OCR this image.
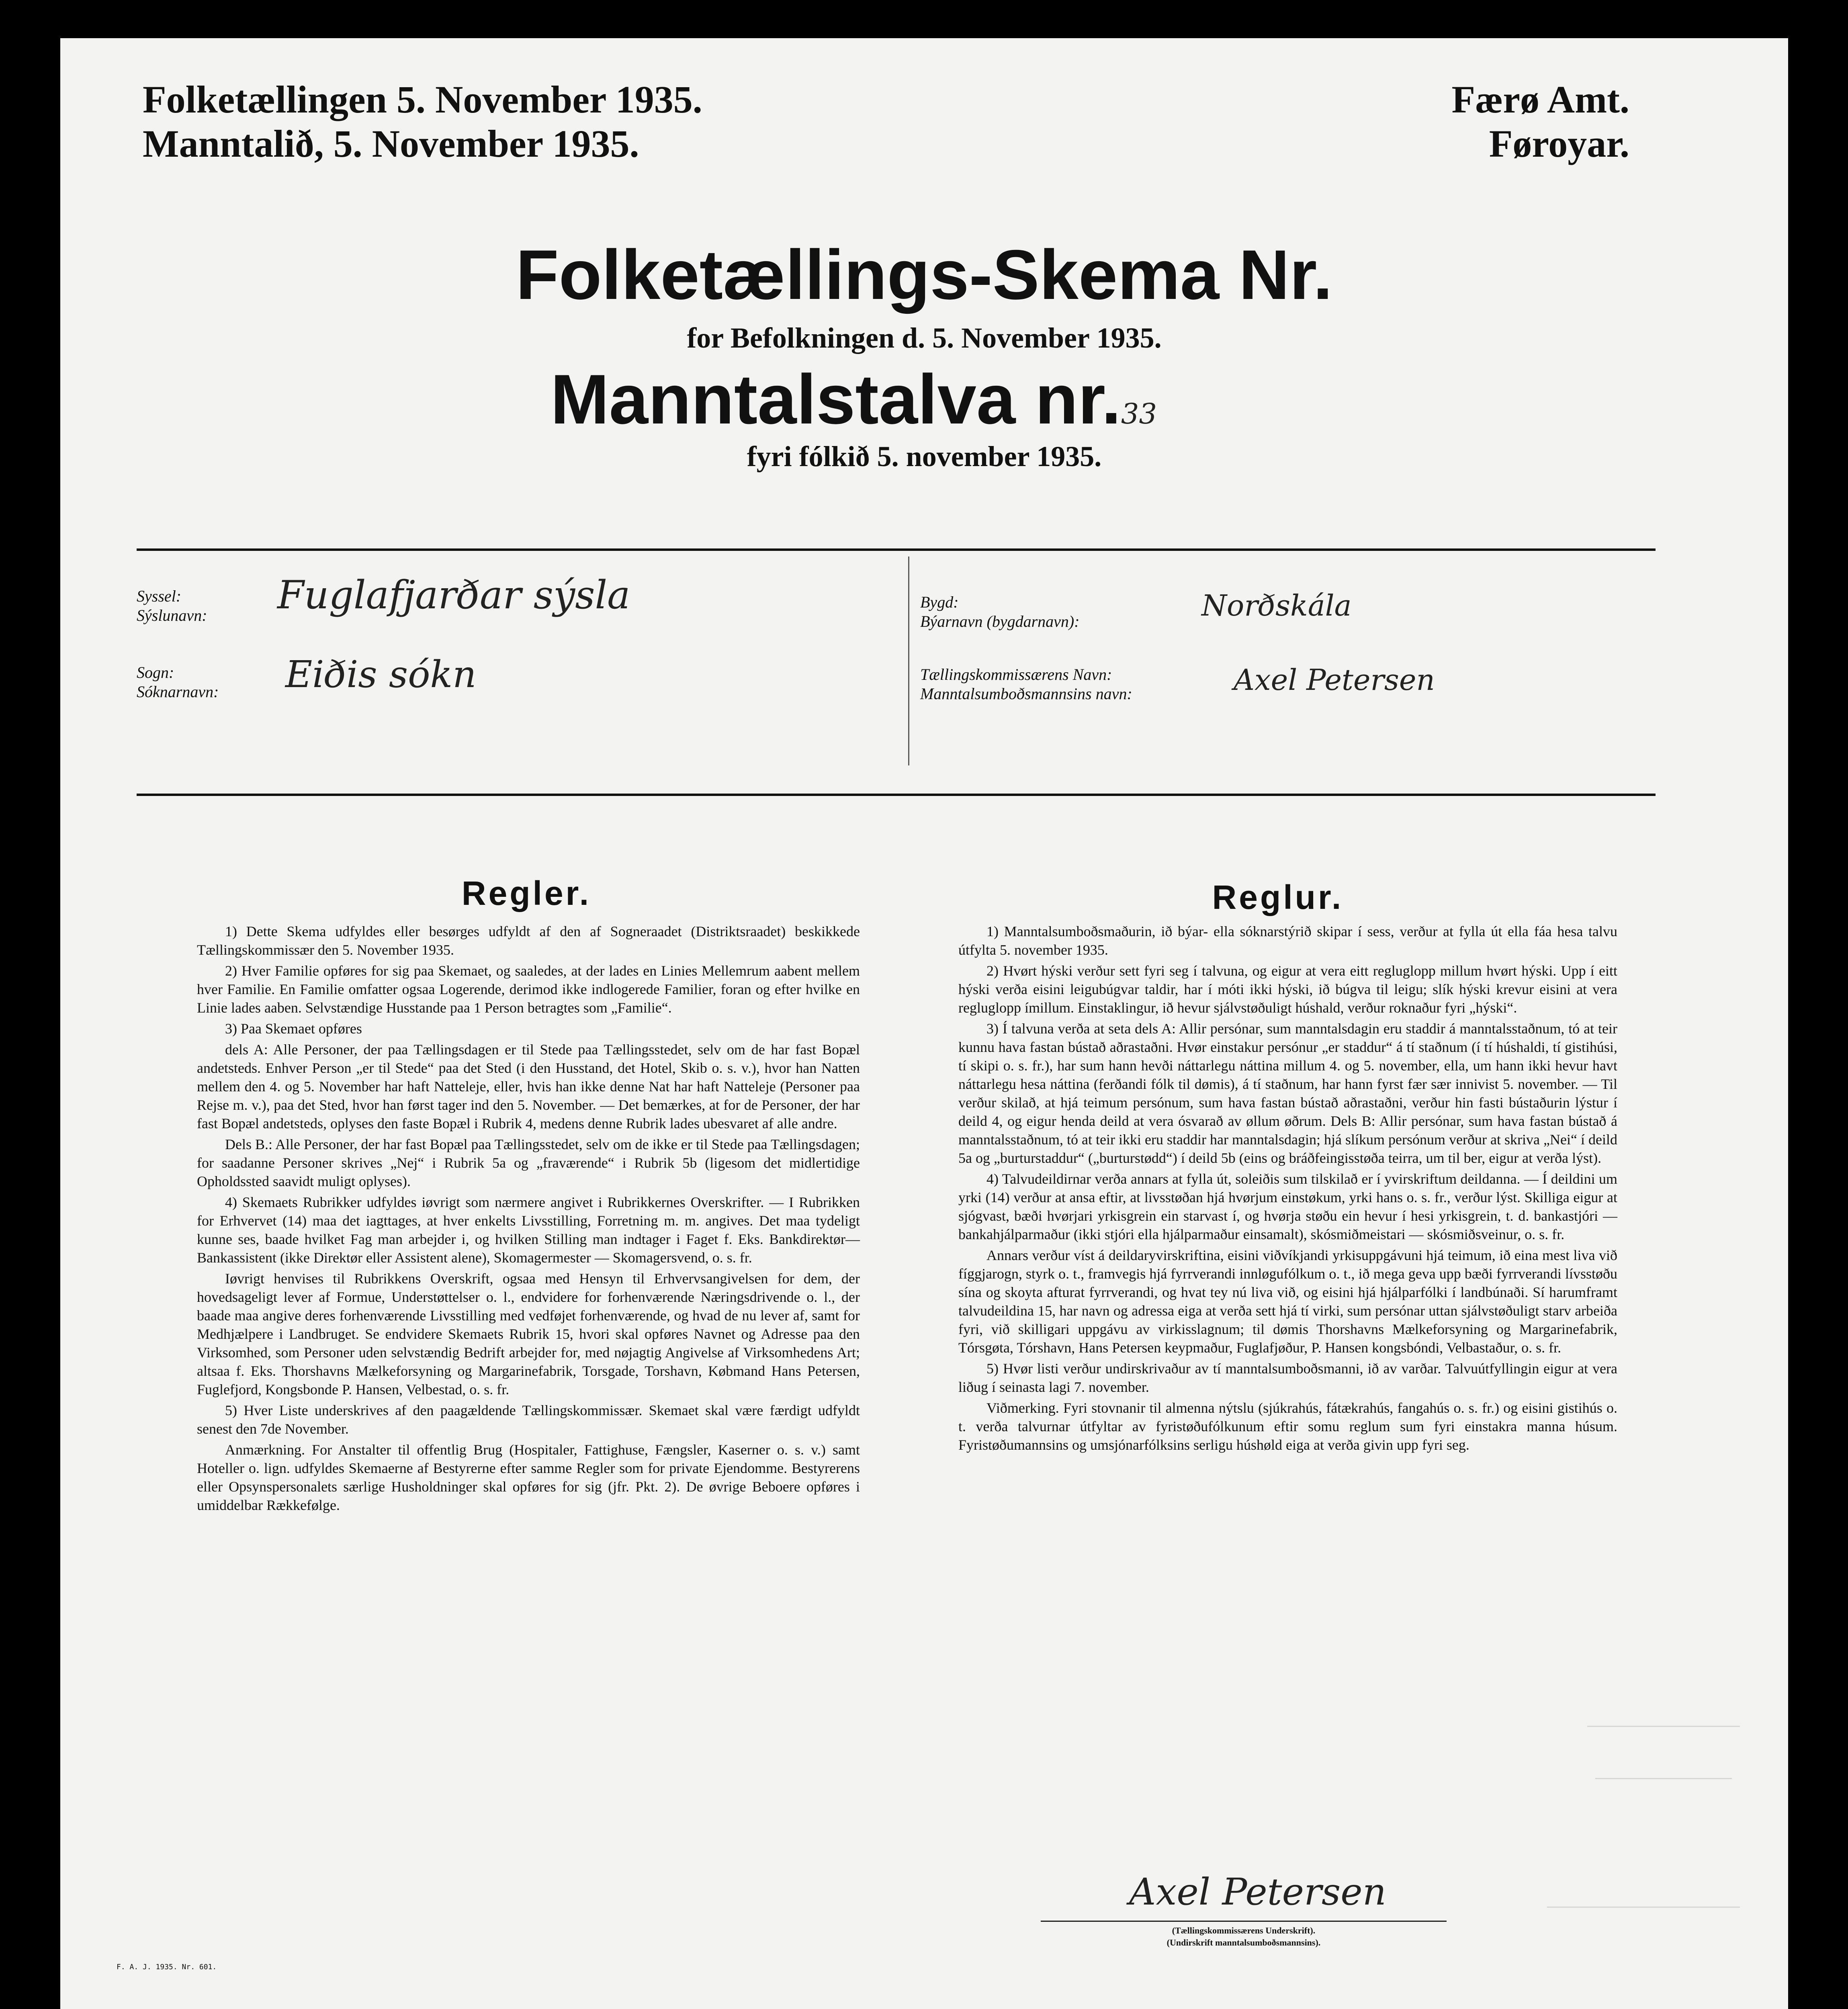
Folketællingen 5. November 1935.
Manntalið, 5. November 1935.
Færø Amt.
Føroyar.
Folketællings-Skema Nr.
for Befolkningen d. 5. November 1935.
Manntalstalva nr.33
fyri fólkið 5. november 1935.
Syssel:
Sýslunavn: Fuglafjarðar sýsla
Sogn:
Sóknarnavn: Eiðis sókn
Bygd:
Býarnavn (bygdarnavn):	Norðskála
Tællingskommissærens Navn:
Manntalsumboðsmannsins navn:	Axel Petersen
Regler.	Reglur.

1) Dette Skema udfyldes eller besørges udfyldt af den af Sogneraadet (Distriktsraadet) beskikkede Tællingskommissær den 5. November 1935.

2) Hver Familie opføres for sig paa Skemaet, og saaledes, at der lades en Linies Mellemrum aabent mellem hver Familie. En Familie omfatter ogsaa Logerende, derimod ikke indlogerede Familier, foran og efter hvilke en Linie lades aaben. Selvstændige Husstande paa 1 Person betragtes som „Familie“.

3) Paa Skemaet opføres

dels A: Alle Personer, der paa Tællingsdagen er til Stede paa Tællingsstedet, selv om de har fast Bopæl andetsteds. Enhver Person „er til Stede“ paa det Sted (i den Husstand, det Hotel, Skib o. s. v.), hvor han Natten mellem den 4. og 5. November har haft Natteleje, eller, hvis han ikke denne Nat har haft Natteleje (Personer paa Rejse m. v.), paa det Sted, hvor han først tager ind den 5. November. — Det bemærkes, at for de Personer, der har fast Bopæl andetsteds, oplyses den faste Bopæl i Rubrik 4, medens denne Rubrik lades ubesvaret af alle andre.

Dels B.: Alle Personer, der har fast Bopæl paa Tællingsstedet, selv om de ikke er til Stede paa Tællingsdagen; for saadanne Personer skrives „Nej“ i Rubrik 5a og „fraværende“ i Rubrik 5b (ligesom det midlertidige Opholdssted saavidt muligt oplyses).

4) Skemaets Rubrikker udfyldes iøvrigt som nærmere angivet i Rubrikkernes Overskrifter. — I Rubrikken for Erhvervet (14) maa det iagttages, at hver enkelts Livsstilling, Forretning m. m. angives. Det maa tydeligt kunne ses, baade hvilket Fag man arbejder i, og hvilken Stilling man indtager i Faget f. Eks. Bankdirektør—Bankassistent (ikke Direktør eller Assistent alene), Skomagermester — Skomagersvend, o. s. fr.

Iøvrigt henvises til Rubrikkens Overskrift, ogsaa med Hensyn til Erhvervsangivelsen for dem, der hovedsageligt lever af Formue, Understøttelser o. l., endvidere for forhenværende Næringsdrivende o. l., der baade maa angive deres forhenværende Livsstilling med vedføjet forhenværende, og hvad de nu lever af, samt for Medhjælpere i Landbruget. Se endvidere Skemaets Rubrik 15, hvori skal opføres Navnet og Adresse paa den Virksomhed, som Personer uden selvstændig Bedrift arbejder for, med nøjagtig Angivelse af Virksomhedens Art; altsaa f. Eks. Thorshavns Mælkeforsyning og Margarinefabrik, Torsgade, Torshavn, Købmand Hans Petersen, Fuglefjord, Kongsbonde P. Hansen, Velbestad, o. s. fr.

5) Hver Liste underskrives af den paagældende Tællingskommissær. Skemaet skal være færdigt udfyldt senest den 7de November.

Anmærkning. For Anstalter til offentlig Brug (Hospitaler, Fattighuse, Fængsler, Kaserner o. s. v.) samt Hoteller o. lign. udfyldes Skemaerne af Bestyrerne efter samme Regler som for private Ejendomme. Bestyrerens eller Opsynspersonalets særlige Husholdninger skal opføres for sig (jfr. Pkt. 2). De øvrige Beboere opføres i umiddelbar Rækkefølge.

1) Manntalsumboðsmaðurin, ið býar- ella sóknarstýrið skipar í sess, verður at fylla út ella fáa hesa talvu útfylta 5. november 1935.

2) Hvørt hýski verður sett fyri seg í talvuna, og eigur at vera eitt regluglopp millum hvørt hýski. Upp í eitt hýski verða eisini leigubúgvar taldir, har í móti ikki hýski, ið búgva til leigu; slík hýski krevur eisini at vera regluglopp ímillum. Einstaklingur, ið hevur sjálvstøðuligt húshald, verður roknaður fyri „hýski“.

3) Í talvuna verða at seta dels A: Allir persónar, sum manntalsdagin eru staddir á manntalsstaðnum, tó at teir kunnu hava fastan bústað aðrastaðni. Hvør einstakur persónur „er staddur“ á tí staðnum (í tí húshaldi, tí gistihúsi, tí skipi o. s. fr.), har sum hann hevði náttarlegu náttina millum 4. og 5. november, ella, um hann ikki hevur havt náttarlegu hesa náttina (ferðandi fólk til dømis), á tí staðnum, har hann fyrst fær sær innivist 5. november. — Til verður skilað, at hjá teimum persónum, sum hava fastan bústað aðrastaðni, verður hin fasti bústaðurin lýstur í deild 4, og eigur henda deild at vera ósvarað av øllum øðrum. Dels B: Allir persónar, sum hava fastan bústað á manntalsstaðnum, tó at teir ikki eru staddir har manntalsdagin; hjá slíkum persónum verður at skriva „Nei“ í deild 5a og „burturstaddur“ („burturstødd“) í deild 5b (eins og bráðfeingisstøða teirra, um til ber, eigur at verða lýst).

4) Talvudeildirnar verða annars at fylla út, soleiðis sum tilskilað er í yvirskriftum deildanna. — Í deildini um yrki (14) verður at ansa eftir, at livsstøðan hjá hvørjum einstøkum, yrki hans o. s. fr., verður lýst. Skilliga eigur at sjógvast, bæði hvørjari yrkisgrein ein starvast í, og hvørja støðu ein hevur í hesi yrkisgrein, t. d. bankastjóri — bankahjálparmaður (ikki stjóri ella hjálparmaður einsamalt), skósmiðmeistari — skósmiðsveinur, o. s. fr.

Annars verður víst á deildaryvirskriftina, eisini viðvíkjandi yrkisuppgávuni hjá teimum, ið eina mest liva við fíggjarogn, styrk o. t., framvegis hjá fyrrverandi innløgufólkum o. t., ið mega geva upp bæði fyrrverandi lívsstøðu sína og skoyta afturat fyrrverandi, og hvat tey nú liva við, og eisini hjá hjálparfólki í landbúnaði. Sí harumframt talvudeildina 15, har navn og adressa eiga at verða sett hjá tí virki, sum persónar uttan sjálvstøðuligt starv arbeiða fyri, við skilligari uppgávu av virkisslagnum; til dømis Thorshavns Mælkeforsyning og Margarinefabrik, Tórsgøta, Tórshavn, Hans Petersen keypmaður, Fuglafjøður, P. Hansen kongsbóndi, Velbastaður, o. s. fr.

5) Hvør listi verður undirskrivaður av tí manntalsumboðsmanni, ið av varðar. Talvuútfyllingin eigur at vera liðug í seinasta lagi 7. november.

Viðmerking. Fyri stovnanir til almenna nýtslu (sjúkrahús, fátækrahús, fangahús o. s. fr.) og eisini gistihús o. t. verða talvurnar útfyltar av fyristøðufólkunum eftir somu reglum sum fyri einstakra manna húsum. Fyristøðumannsins og umsjónarfólksins serligu húshøld eiga at verða givin upp fyri seg.

Axel Petersen
(Tællingskommissærens Underskrift).
(Undirskrift manntalsumboðsmannsins).
F. A. J. 1935. Nr. 601.
